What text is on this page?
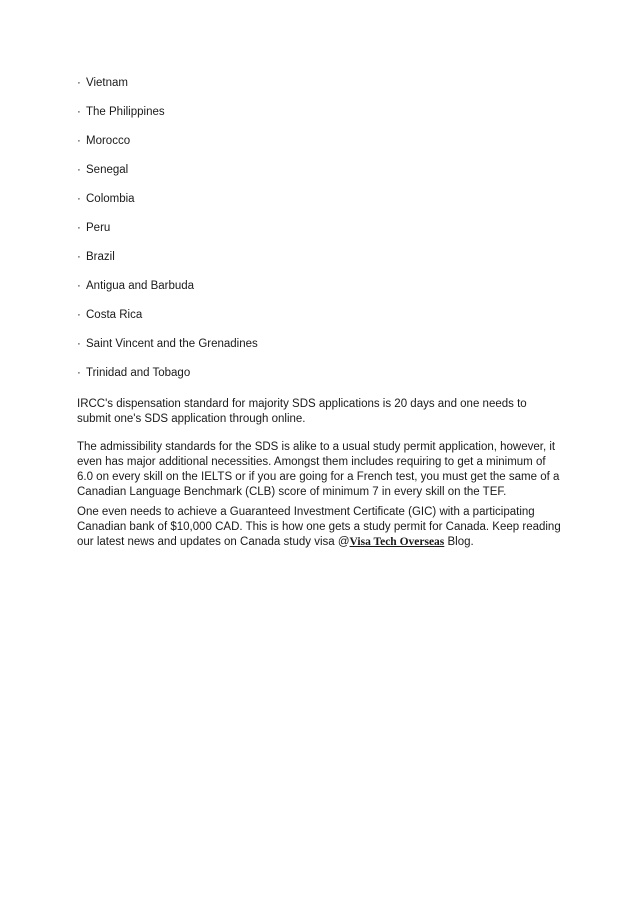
· Vietnam
· The Philippines
· Morocco
· Senegal
· Colombia
· Peru
· Brazil
· Antigua and Barbuda
· Costa Rica
· Saint Vincent and the Grenadines
· Trinidad and Tobago

IRCC's dispensation standard for majority SDS applications is 20 days and one needs to submit one's SDS application through online.

The admissibility standards for the SDS is alike to a usual study permit application, however, it even has major additional necessities. Amongst them includes requiring to get a minimum of 6.0 on every skill on the IELTS or if you are going for a French test, you must get the same of a Canadian Language Benchmark (CLB) score of minimum 7 in every skill on the TEF.

One even needs to achieve a Guaranteed Investment Certificate (GIC) with a participating Canadian bank of $10,000 CAD. This is how one gets a study permit for Canada. Keep reading our latest news and updates on Canada study visa @Visa Tech Overseas Blog.
